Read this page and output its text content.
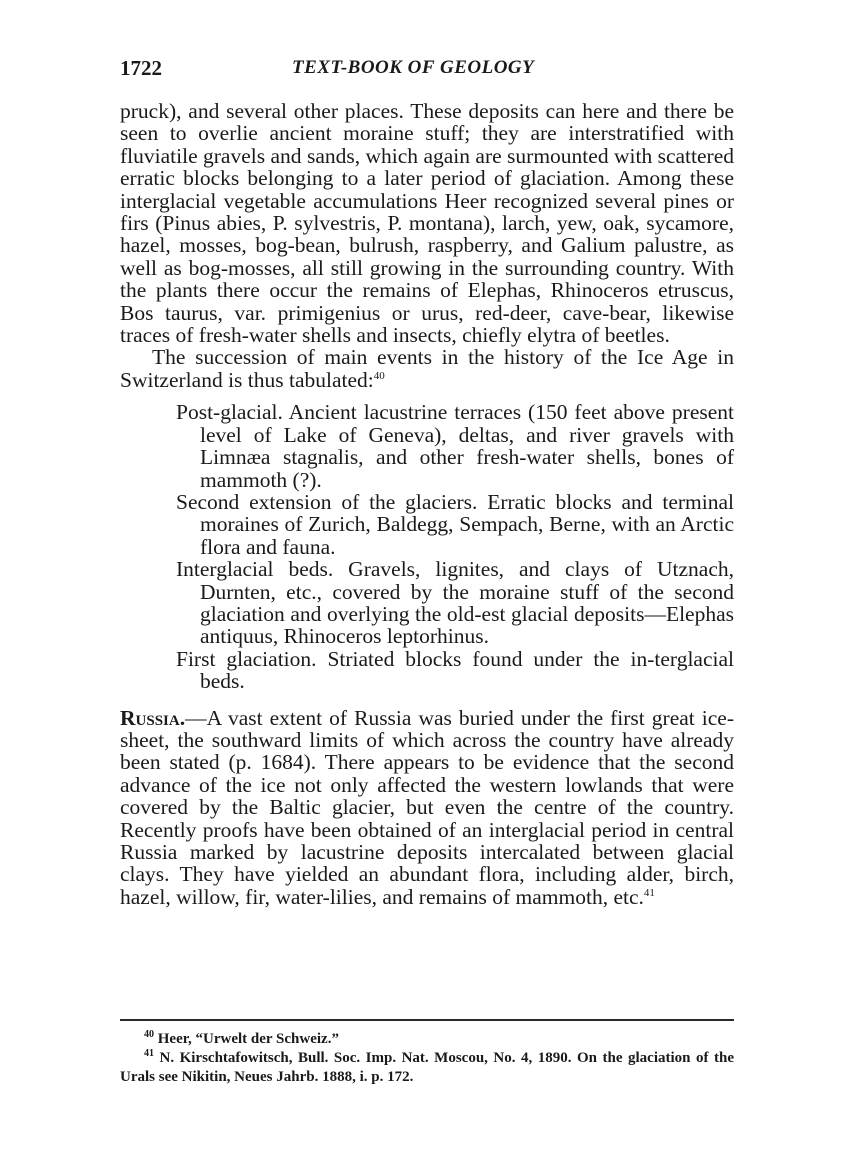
1722	TEXT-BOOK OF GEOLOGY

pruck), and several other places. These deposits can here and there be seen to overlie ancient moraine stuff; they are interstratified with fluviatile gravels and sands, which again are surmounted with scattered erratic blocks belonging to a later period of glaciation. Among these interglacial vegetable accumulations Heer recognized several pines or firs (Pinus abies, P. sylvestris, P. montana), larch, yew, oak, sycamore, hazel, mosses, bog-bean, bulrush, raspberry, and Galium palustre, as well as bog-mosses, all still growing in the surrounding country. With the plants there occur the remains of Elephas, Rhinoceros etruscus, Bos taurus, var. primigenius or urus, red-deer, cave-bear, likewise traces of fresh-water shells and insects, chiefly elytra of beetles.

The succession of main events in the history of the Ice Age in Switzerland is thus tabulated:$^{40}$

Post-glacial. Ancient lacustrine terraces (150 feet above present level of Lake of Geneva), deltas, and river gravels with Limnæa stagnalis, and other fresh-water shells, bones of mammoth (?).
Second extension of the glaciers. Erratic blocks and terminal moraines of Zurich, Baldegg, Sempach, Berne, with an Arctic flora and fauna.
Interglacial beds. Gravels, lignites, and clays of Utznach, Durnten, etc., covered by the moraine stuff of the second glaciation and overlying the old-est glacial deposits—Elephas antiquus, Rhinoceros leptorhinus.
First glaciation. Striated blocks found under the in-terglacial beds.

Russia.—A vast extent of Russia was buried under the first great ice-sheet, the southward limits of which across the country have already been stated (p. 1684). There appears to be evidence that the second advance of the ice not only affected the western lowlands that were covered by the Baltic glacier, but even the centre of the country. Recently proofs have been obtained of an interglacial period in central Russia marked by lacustrine deposits intercalated between glacial clays. They have yielded an abundant flora, including alder, birch, hazel, willow, fir, water-lilies, and remains of mammoth, etc.$^{41}$

$^{40}$ Heer, “Urwelt der Schweiz.”

$^{41}$ N. Kirschtafowitsch, Bull. Soc. Imp. Nat. Moscou, No. 4, 1890. On the glaciation of the Urals see Nikitin, Neues Jahrb. 1888, i. p. 172.
